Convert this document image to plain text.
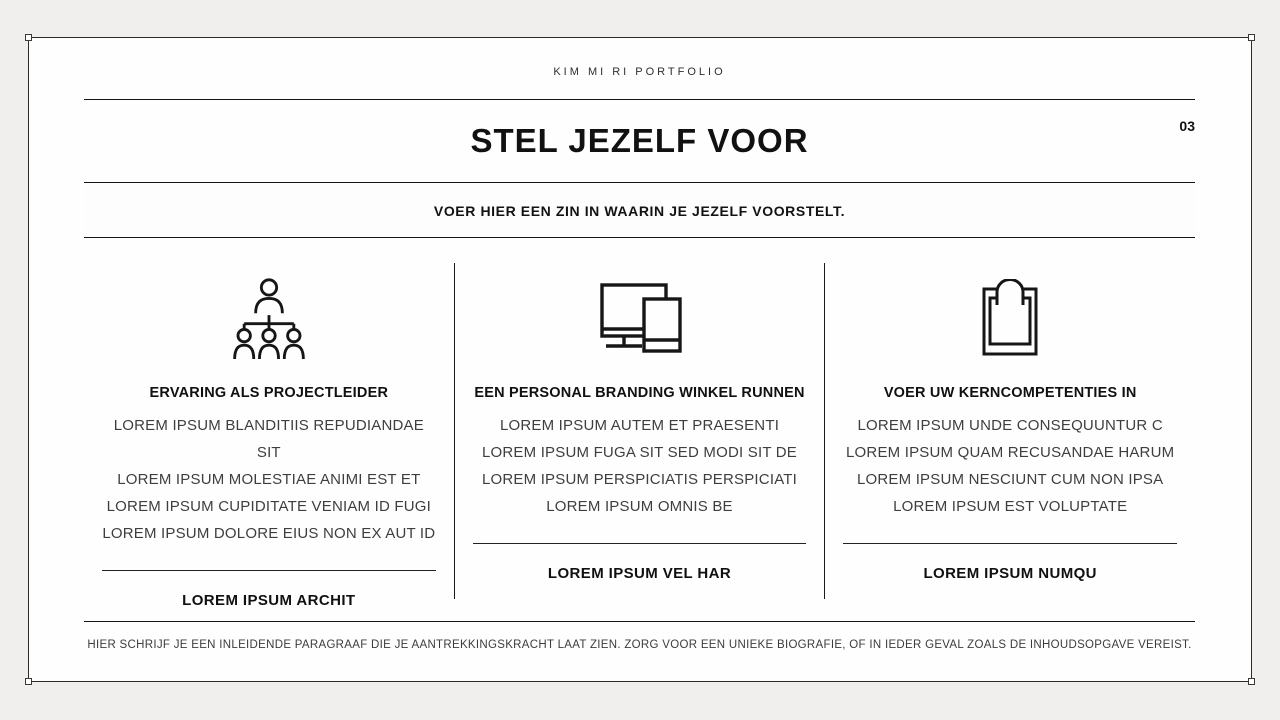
KIM MI RI PORTFOLIO
STEL JEZELF VOOR	03
VOER HIER EEN ZIN IN WAARIN JE JEZELF VOORSTELT.
ERVARING ALS PROJECTLEIDER
LOREM IPSUM BLANDITIIS REPUDIANDAE SIT
LOREM IPSUM MOLESTIAE ANIMI EST ET
LOREM IPSUM CUPIDITATE VENIAM ID FUGI
LOREM IPSUM DOLORE EIUS NON EX AUT ID
LOREM IPSUM ARCHIT
EEN PERSONAL BRANDING WINKEL RUNNEN
LOREM IPSUM AUTEM ET PRAESENTI
LOREM IPSUM FUGA SIT SED MODI SIT DE
LOREM IPSUM PERSPICIATIS PERSPICIATI
LOREM IPSUM OMNIS BE
LOREM IPSUM VEL HAR
VOER UW KERNCOMPETENTIES IN
LOREM IPSUM UNDE CONSEQUUNTUR C
LOREM IPSUM QUAM RECUSANDAE HARUM
LOREM IPSUM NESCIUNT CUM NON IPSA
LOREM IPSUM EST VOLUPTATE
LOREM IPSUM NUMQU
HIER SCHRIJF JE EEN INLEIDENDE PARAGRAAF DIE JE AANTREKKINGSKRACHT LAAT ZIEN. ZORG VOOR EEN UNIEKE BIOGRAFIE, OF IN IEDER GEVAL ZOALS DE INHOUDSOPGAVE VEREIST.
